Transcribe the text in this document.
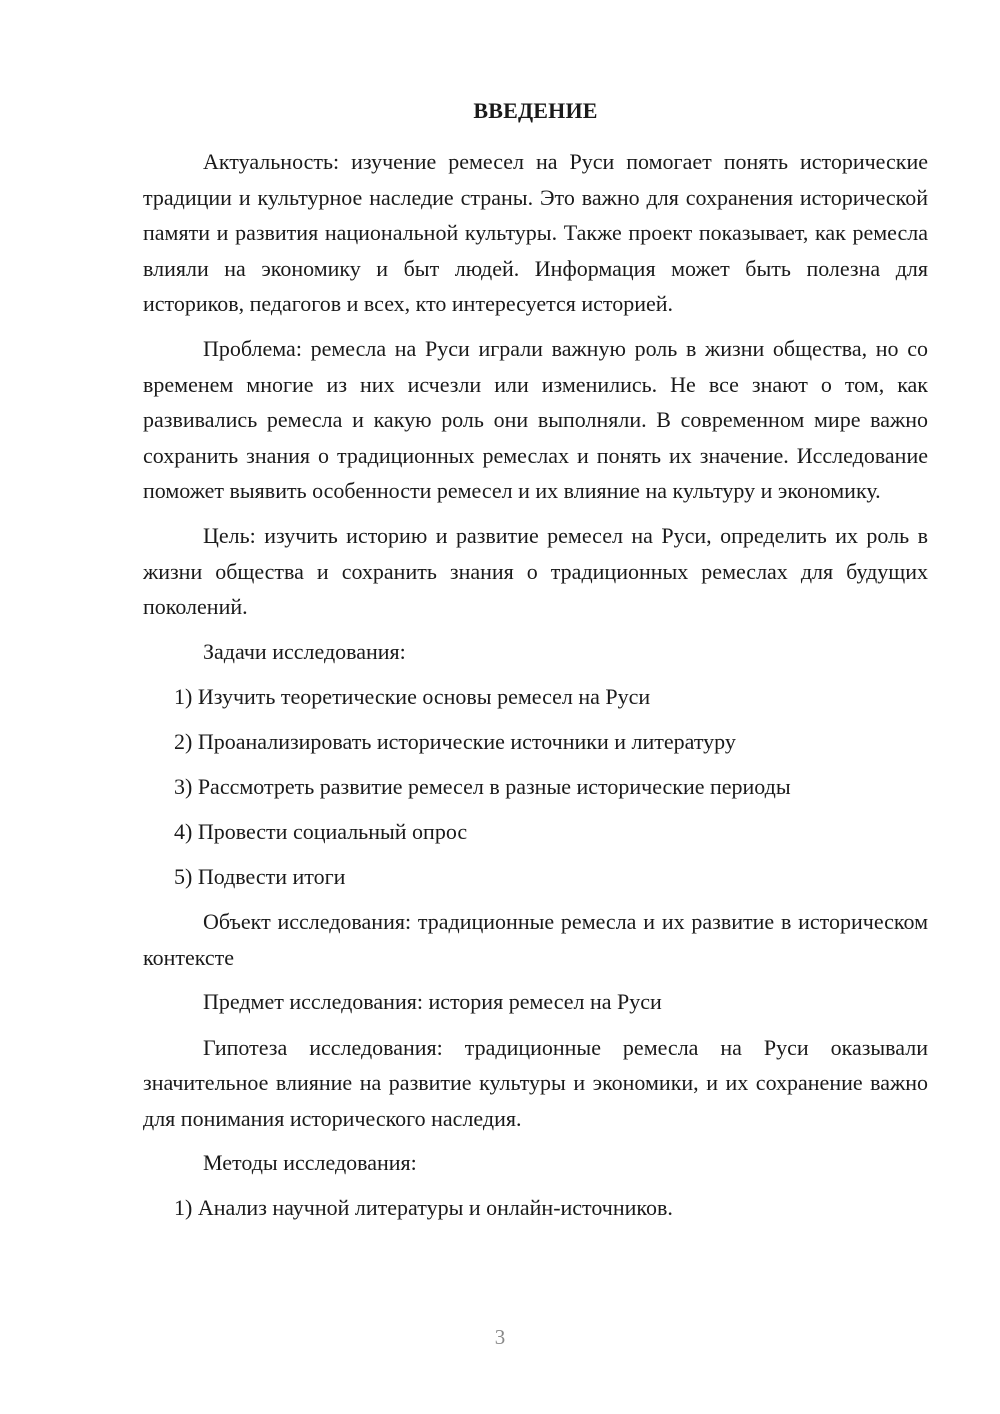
ВВЕДЕНИЕ

Актуальность: изучение ремесел на Руси помогает понять исторические традиции и культурное наследие страны. Это важно для сохранения исторической памяти и развития национальной культуры. Также проект показывает, как ремесла влияли на экономику и быт людей. Информация может быть полезна для историков, педагогов и всех, кто интересуется историей.

Проблема: ремесла на Руси играли важную роль в жизни общества, но со временем многие из них исчезли или изменились. Не все знают о том, как развивались ремесла и какую роль они выполняли. В современном мире важно сохранить знания о традиционных ремеслах и понять их значение. Исследование поможет выявить особенности ремесел и их влияние на культуру и экономику.

Цель: изучить историю и развитие ремесел на Руси, определить их роль в жизни общества и сохранить знания о традиционных ремеслах для будущих поколений.

Задачи исследования:

1) Изучить теоретические основы ремесел на Руси

2) Проанализировать исторические источники и литературу

3) Рассмотреть развитие ремесел в разные исторические периоды

4) Провести социальный опрос

5) Подвести итоги

Объект исследования: традиционные ремесла и их развитие в историческом контексте

Предмет исследования: история ремесел на Руси

Гипотеза исследования: традиционные ремесла на Руси оказывали значительное влияние на развитие культуры и экономики, и их сохранение важно для понимания исторического наследия.

Методы исследования:

1) Анализ научной литературы и онлайн-источников.

3
